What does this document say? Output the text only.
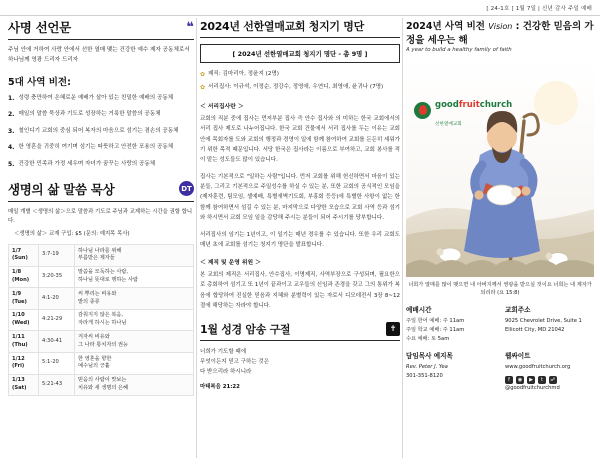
[ 24-1호 ] 1월 7일 | 신년 감사 주일 예배
사명 선언문	❝
주님 안에 거하여 사랑 안에서 선한 열매 맺는 건강한 예수 제자 공동체로서 하나님께 영광 드리자 드리자
5대 사역 비전:
1. 성령 충만하여 은혜로운 예배가 살아 있는 친밀한 예배의 공동체
2. 매일의 말씀 묵상과 기도로 성장하는 거룩한 말씀의 공동체
3. 철인디기 교회의 중심 되어 복자의 마음으로 섬기는 겸손의 공동체
4. 한 영혼을 귀중히 여기며 섬기는 따뜻하고 안전한 포용의 공동체
5. 건강한 민족과 가정 세우며 자녀가 꿈꾸는 사랑의 공동체
생명의 삶 말씀 묵상	DT
매일 개별 ＜생명의 삶＞으로 말씀과 기도로 주님과 교제하는 시간을 권할 합니다.
＜생명의 삶＞ 교재 구입: $5 (문의: 예지목 목사)
1/7
(Sun)	3:7-19	하나님 나라를 위해
부름받은 제자들
1/8
(Mon)	3:20-35	말씀을 모독하는 사람,
하나님 뜻대로 행하는 사람
1/9
(Tue)	4:1-20	씨 뿌리는 비유와
밭의 종류
1/10
(Wed)	4:21-29	감춰지지 않은 복음,
자라게 하시는 하나님
1/11
(Thu)	4:30-41	겨자씨 비유와
그 나라 통치자의 권능
1/12
(Fri)	5:1-20	한 영혼을 향한
예수님의 긍휼
1/13
(Sat)	5:21-43	믿음의 사람이 맛보는
치유와 새 생명의 은혜
2024년 선한열매교회 청지기 명단
[ 2024년 선한열매교회 청지기 명단 - 총 9명 ]
✿ 제직: 김마리아, 정윤지 (2명)
✿ 서리집사: 이규석, 이정순, 정강수, 정영애, 우연디, 최영애, 윤귀나 (7명)
＜ 서리집사란 ＞
교회의 직분 중에 집사는 먼저부분 집사 즉 안수 집사와 의 미하는 한국 교회에서의 서리 집사 제도로 나누어집니다. 한국 교회 건물에서 서리 집사를 두는 이유는 교회 안에 목회자를 도와 교회의 행정과 경영이 일에 함께 참여하여 교회를 든든히 세워가기 위한 목적 때문입니다. 서당 한국은 집사라는 이름으로 부여하고, 교회 봉사를 적이 맡는 성도들도 많이 있습니다.
집사는 기본적으로 "일하는 사람"입니다. 먼저 교회를 위해 헌신하면서 마음이 있는 분들, 그리고 기본적으로 주일성수를 하실 수 있는 분, 또한 교회의 공식적인 모임을 (제자훈련, 팀모임, 셀예배, 특별새벽기도회, 부흥회 등등)에 특별한 사항이 없는 한 함께 참여하면서 섬길 수 있는 분, 마지막으로 다양한 모습으로 교회 사역 등과 섬기와 하시면서 교회 모임 일을 감당해 주시는 분들이 되어 주시기를 당부합니다.
서리집사의 임기는 1년이고, 이 일기는 매년 경우를 수 있습니다. 또한 우리 교회도 매년 초에 교회를 섬기는 청지기 명단을 발표합니다.
＜ 제직 및 운영 위원 ＞
본 교회의 제직은 서리집사, 안수집사, 이명제직, 사역부장으로 구성되며, 필요한으로 총회하여 섬기고 또 1년이 끝과이고 교우들의 신임과 존경을 갖고 그의 통위가 복음에 합당하여 진실한 믿음과 지혜와 분별력이 있는 자로서 디모데전서 3장 8~12절에 해당하는 자라야 합니다.
1월 성경 암송 구절	✝
너희가 기도할 때에
무엇이든지 믿고 구하는 것은
다 받으리라 하시니라
마태복음 21:22
2024년 사역 비전 Vision : 건강한 믿음의 가정을 세우는 해
A year to build a healthy family of faith
goodfruitchurch
선한열매교회
너희가 열매를 많이 맺으면 내 아버지께서 영광을 받으실 것이요 너희는 내 제자가 되리라 (요 15:8)
예배시간
주일 한어 예배: 주 11am
주일 학교 예배: 주 11am
수요 예배: 토 5am
교회주소
9025 Chevrolet Drive, Suite 1
Ellicott City, MD 21042
담임목사 예지목
Rev. Peter J. Yea
301-351-8120
웹싸이트
www.goodfruitchurch.org
f	◉	▶	t	☍
@goodfruitchurchmd
